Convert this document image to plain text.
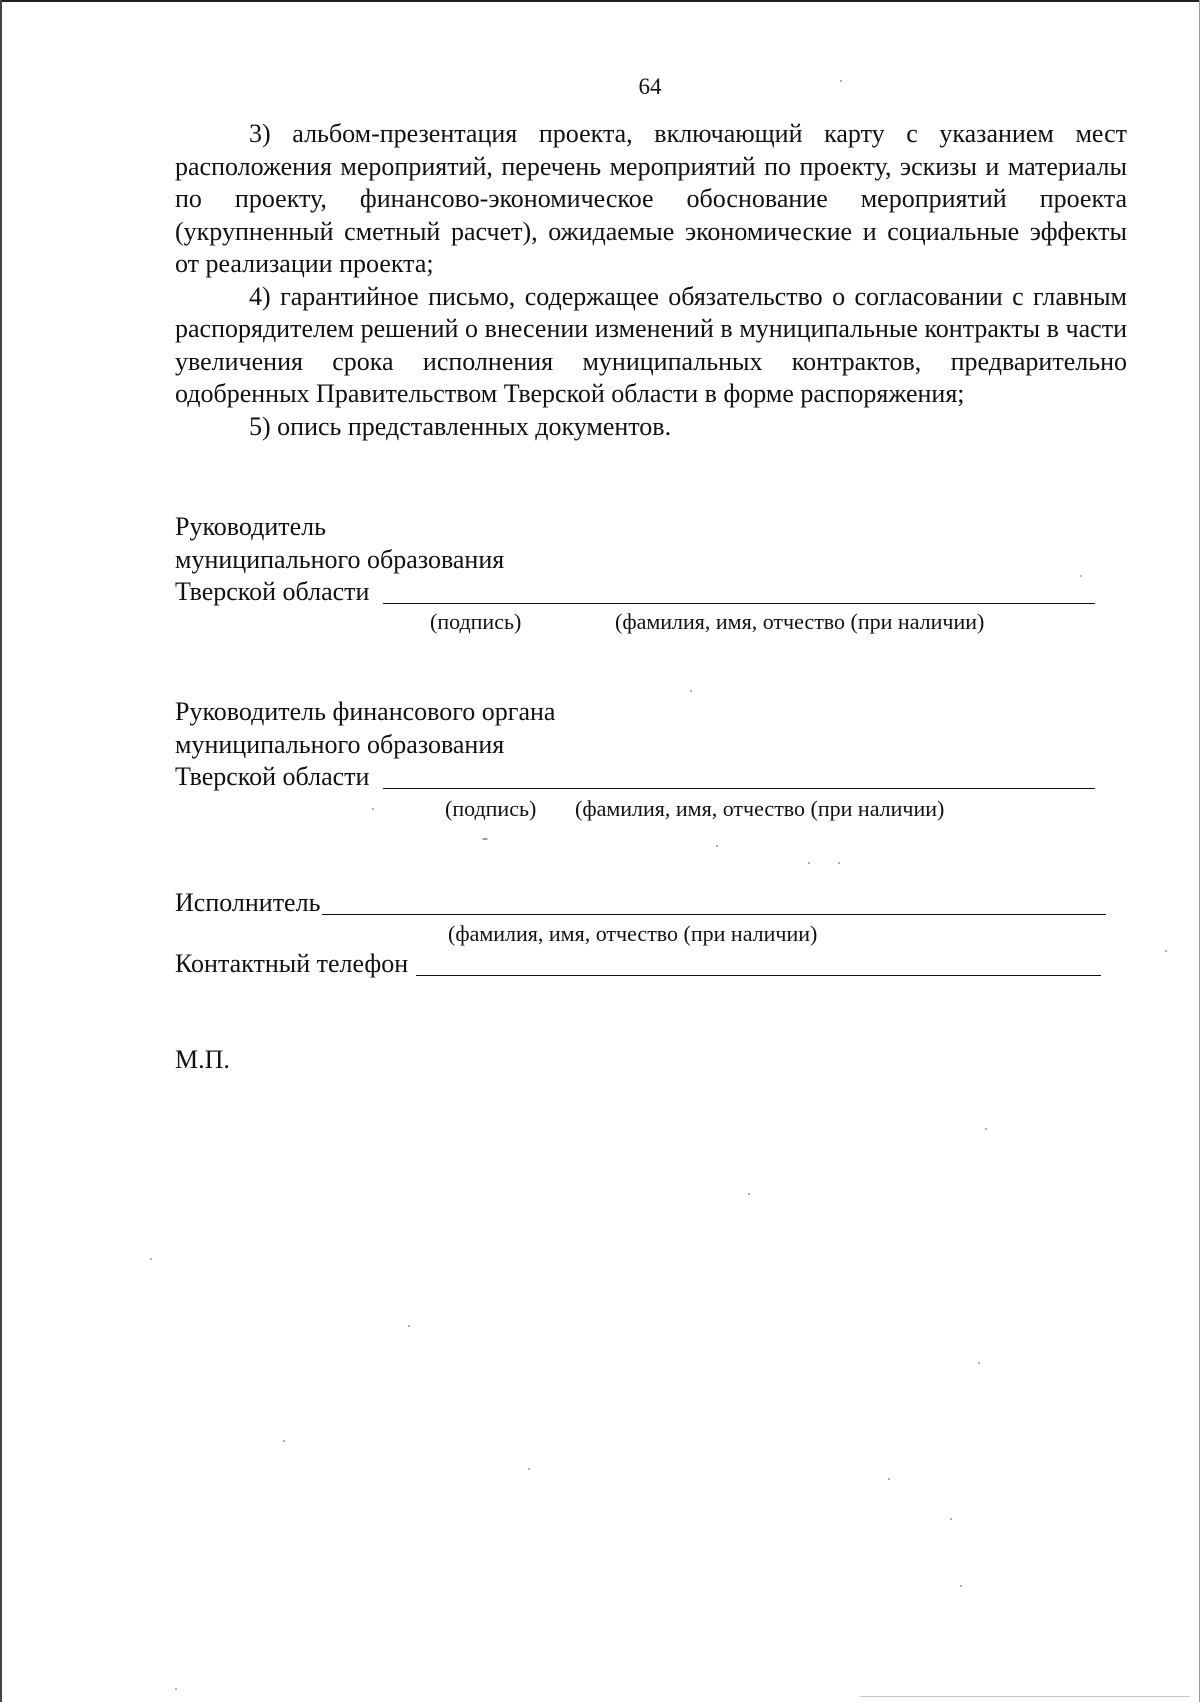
64

3) альбом-презентация проекта, включающий карту с указанием мест расположения мероприятий, перечень мероприятий по проекту, эскизы и материалы по проекту, финансово-экономическое обоснование мероприятий проекта (укрупненный сметный расчет), ожидаемые экономические и социальные эффекты от реализации проекта;

4) гарантийное письмо, содержащее обязательство о согласовании с главным распорядителем решений о внесении изменений в муниципальные контракты в части увеличения срока исполнения муниципальных контрактов, предварительно одобренных Правительством Тверской области в форме распоряжения;

5) опись представленных документов.

Руководитель
муниципального образования
Тверской области
(подпись)	(фамилия, имя, отчество (при наличии)
Руководитель финансового органа
муниципального образования
Тверской области
(подпись) (фамилия, имя, отчество (при наличии)
Исполнитель
(фамилия, имя, отчество (при наличии)
Контактный телефон
М.П.
